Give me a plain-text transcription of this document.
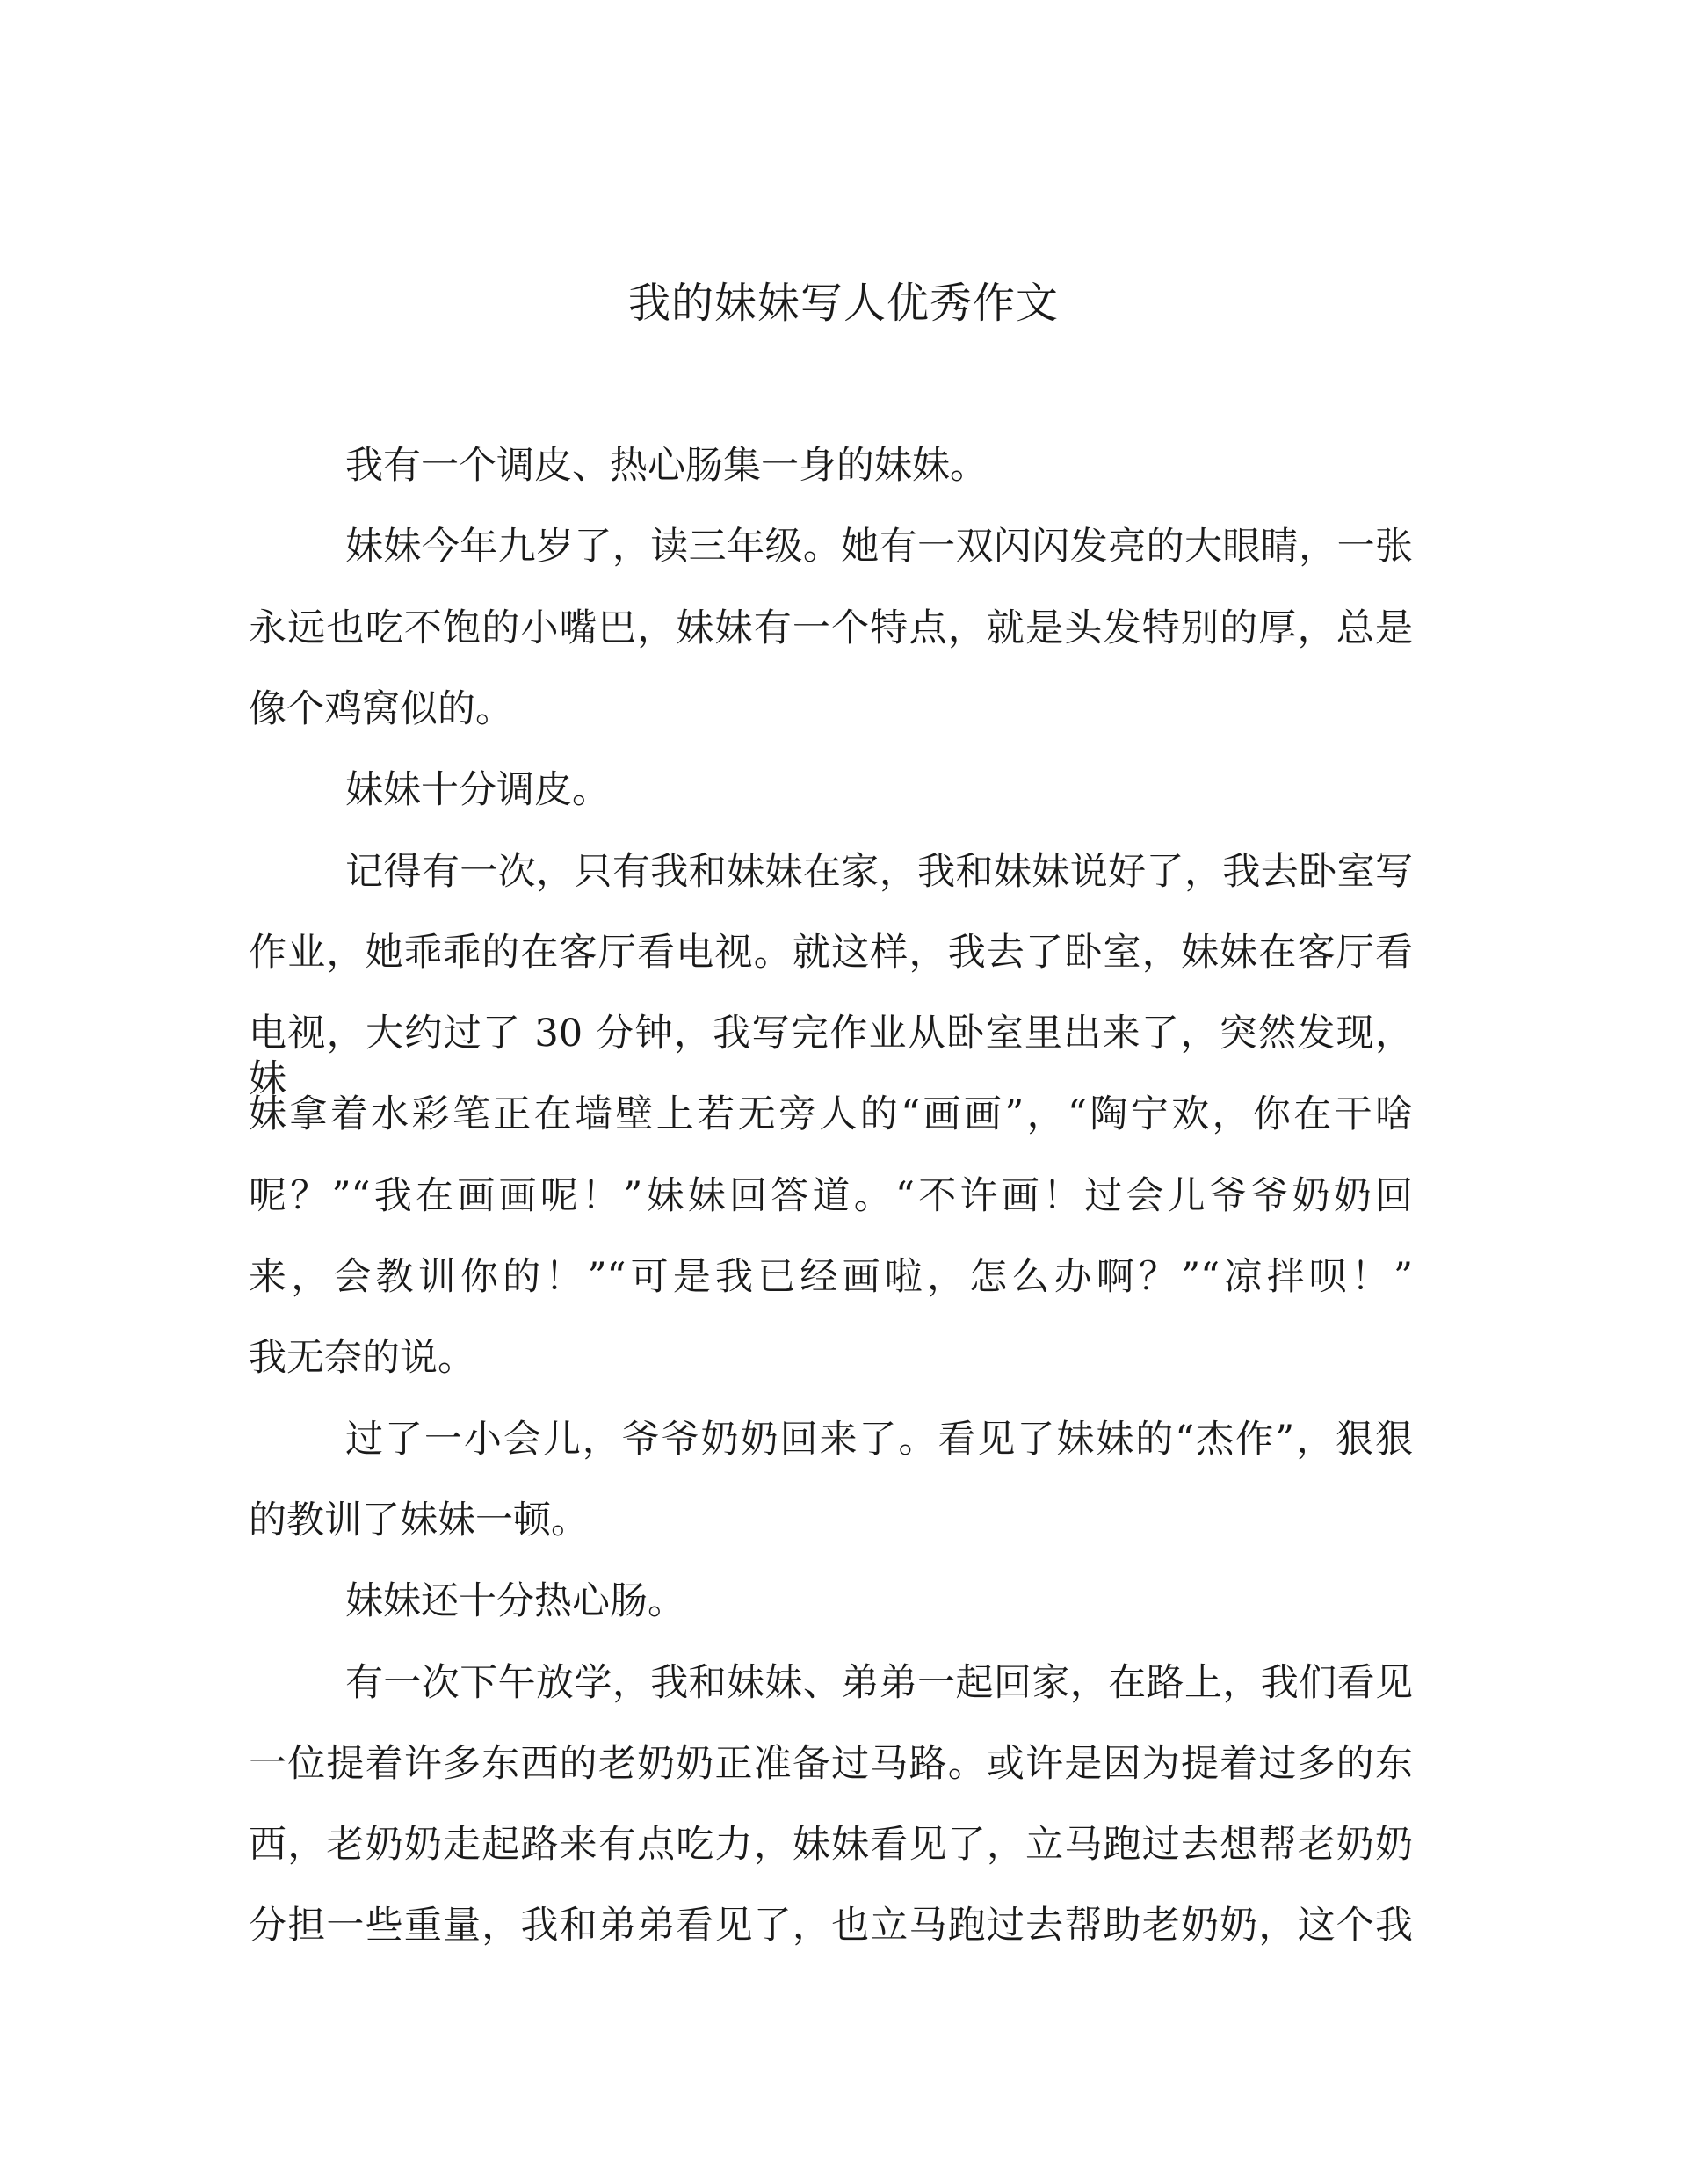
我的妹妹写人优秀作文
我有一个调皮、热心肠集一身的妹妹。
妹妹今年九岁了，读三年级。她有一双闪闪发亮的大眼睛，一张
永远也吃不饱的小嘴巴，妹妹有一个特点，就是头发特别的厚，总是
像个鸡窝似的。
妹妹十分调皮。
记得有一次，只有我和妹妹在家，我和妹妹说好了，我去卧室写
作业，她乖乖的在客厅看电视。就这样，我去了卧室，妹妹在客厅看
电视，大约过了 30 分钟，我写完作业从卧室里出来了，突然发现，妹
妹拿着水彩笔正在墙壁上若无旁人的“画画”，“陶宁欢，你在干啥
呢？”“我在画画呢！”妹妹回答道。“不许画！过会儿爷爷奶奶回
来，会教训你的！”“可是我已经画啦，怎么办啊？”“凉拌呗！”
我无奈的说。
过了一小会儿，爷爷奶奶回来了。看见了妹妹的“杰作”，狠狠
的教训了妹妹一顿。
妹妹还十分热心肠。
有一次下午放学，我和妹妹、弟弟一起回家，在路上，我们看见
一位提着许多东西的老奶奶正准备过马路。或许是因为提着过多的东
西，老奶奶走起路来有点吃力，妹妹看见了，立马跑过去想帮老奶奶
分担一些重量，我和弟弟看见了，也立马跑过去帮助老奶奶，这个我
